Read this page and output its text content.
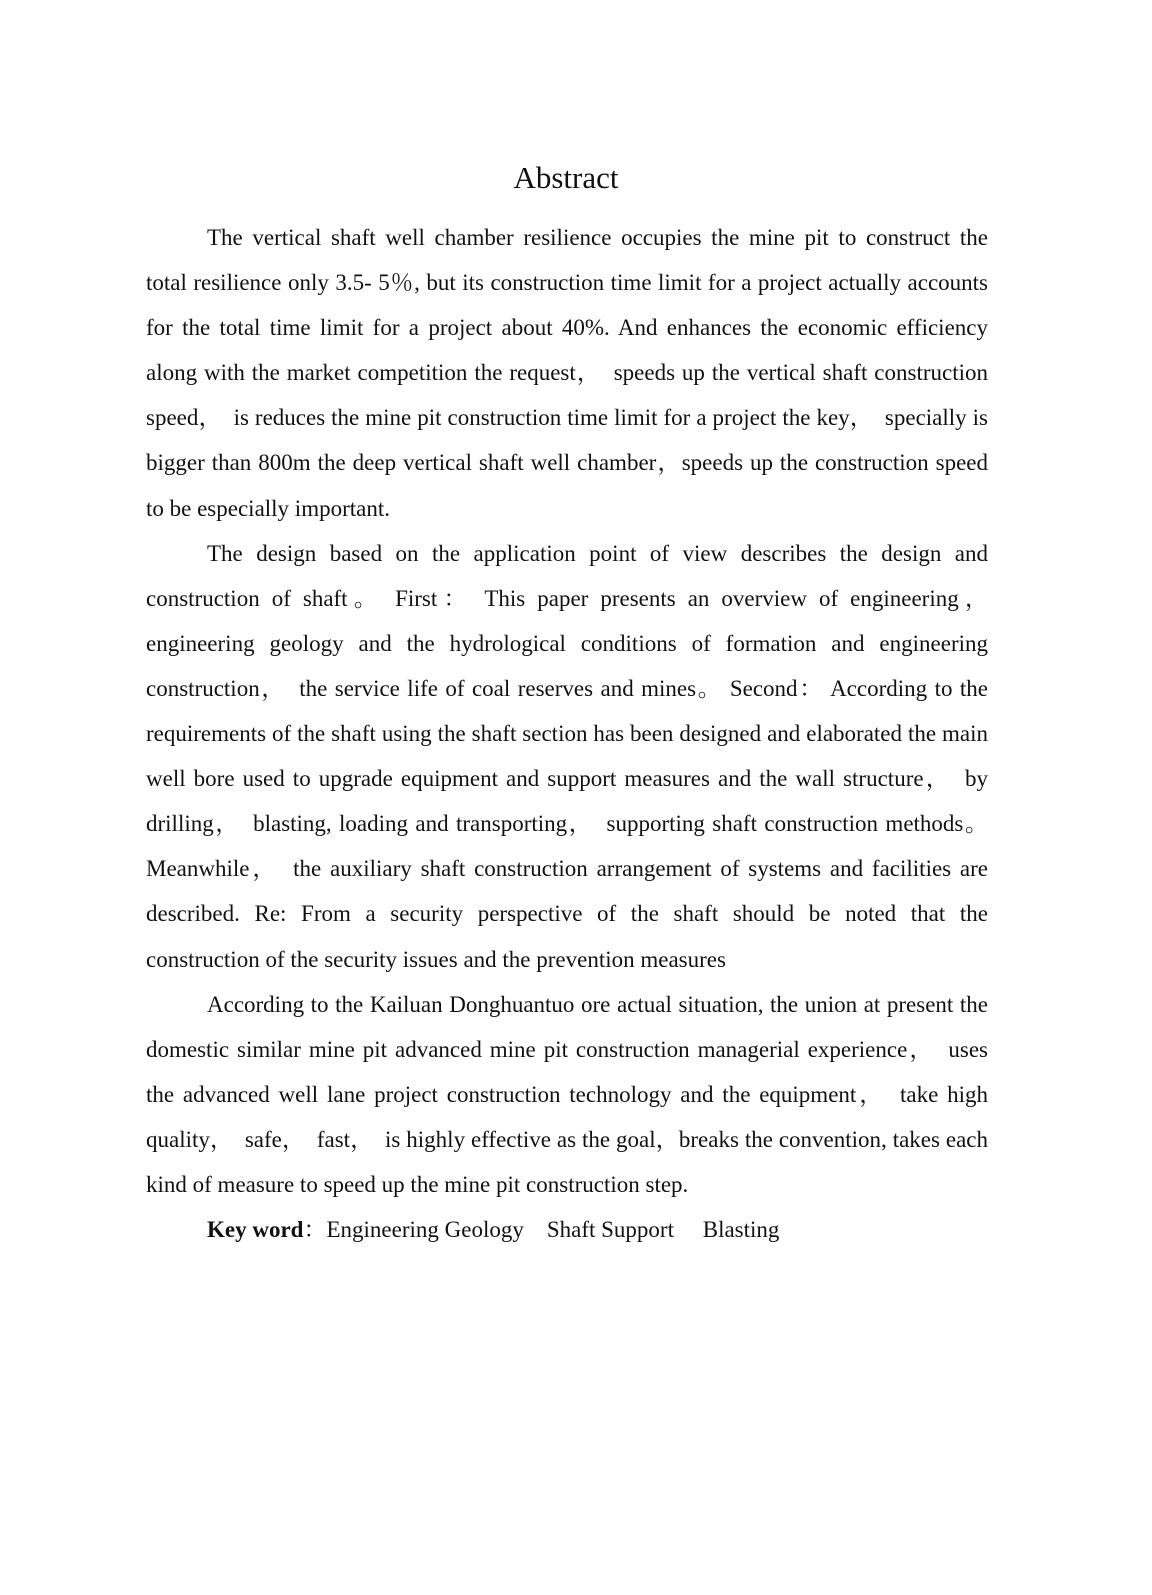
Abstract

The vertical shaft well chamber resilience occupies the mine pit to construct the total resilience only 3.5- 5％, but its construction time limit for a project actually accounts for the total time limit for a project about 40%. And enhances the economic efficiency along with the market competition the request，　speeds up the vertical shaft construction speed，　is reduces the mine pit construction time limit for a project the key，　specially is bigger than 800m the deep vertical shaft well chamber，speeds up the construction speed to be especially important.

The design based on the application point of view describes the design and construction of shaft。 First： This paper presents an overview of engineering，engineering geology and the hydrological conditions of formation and engineering construction，　the service life of coal reserves and mines。 Second： According to the requirements of the shaft using the shaft section has been designed and elaborated the main well bore used to upgrade equipment and support measures and the wall structure，　by drilling，　blasting, loading and transporting，　supporting shaft construction methods。 Meanwhile，　the auxiliary shaft construction arrangement of systems and facilities are described. Re: From a security perspective of the shaft should be noted that the construction of the security issues and the prevention measures

According to the Kailuan Donghuantuo ore actual situation, the union at present the domestic similar mine pit advanced mine pit construction managerial experience，　uses the advanced well lane project construction technology and the equipment，　take high quality，　safe，　fast，　is highly effective as the goal，breaks the convention, takes each kind of measure to speed up the mine pit construction step.

Key word：Engineering Geology Shaft Support Blasting
